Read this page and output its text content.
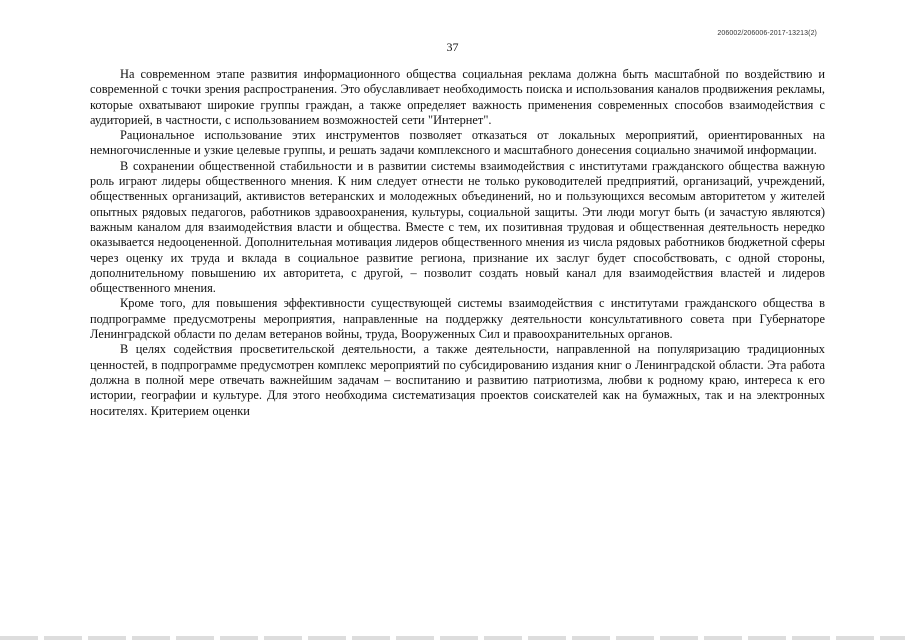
206002/206006-2017-13213(2)
37

На современном этапе развития информационного общества социальная реклама должна быть масштабной по воздействию и современной с точки зрения распространения. Это обуславливает необходимость поиска и использования каналов продвижения рекламы, которые охватывают широкие группы граждан, а также определяет важность применения современных способов взаимодействия с аудиторией, в частности, с использованием возможностей сети "Интернет".

Рациональное использование этих инструментов позволяет отказаться от локальных мероприятий, ориентированных на немногочисленные и узкие целевые группы, и решать задачи комплексного и масштабного донесения социально значимой информации.

В сохранении общественной стабильности и в развитии системы взаимодействия с институтами гражданского общества важную роль играют лидеры общественного мнения. К ним следует отнести не только руководителей предприятий, организаций, учреждений, общественных организаций, активистов ветеранских и молодежных объединений, но и пользующихся весомым авторитетом у жителей опытных рядовых педагогов, работников здравоохранения, культуры, социальной защиты. Эти люди могут быть (и зачастую являются) важным каналом для взаимодействия власти и общества. Вместе с тем, их позитивная трудовая и общественная деятельность нередко оказывается недооцененной. Дополнительная мотивация лидеров общественного мнения из числа рядовых работников бюджетной сферы через оценку их труда и вклада в социальное развитие региона, признание их заслуг будет способствовать, с одной стороны, дополнительному повышению их авторитета, с другой, – позволит создать новый канал для взаимодействия властей и лидеров общественного мнения.

Кроме того, для повышения эффективности существующей системы взаимодействия с институтами гражданского общества в подпрограмме предусмотрены мероприятия, направленные на поддержку деятельности консультативного совета при Губернаторе Ленинградской области по делам ветеранов войны, труда, Вооруженных Сил и правоохранительных органов.

В целях содействия просветительской деятельности, а также деятельности, направленной на популяризацию традиционных ценностей, в подпрограмме предусмотрен комплекс мероприятий по субсидированию издания книг о Ленинградской области. Эта работа должна в полной мере отвечать важнейшим задачам – воспитанию и развитию патриотизма, любви к родному краю, интереса к его истории, географии и культуре. Для этого необходима систематизация проектов соискателей как на бумажных, так и на электронных носителях. Критерием оценки
